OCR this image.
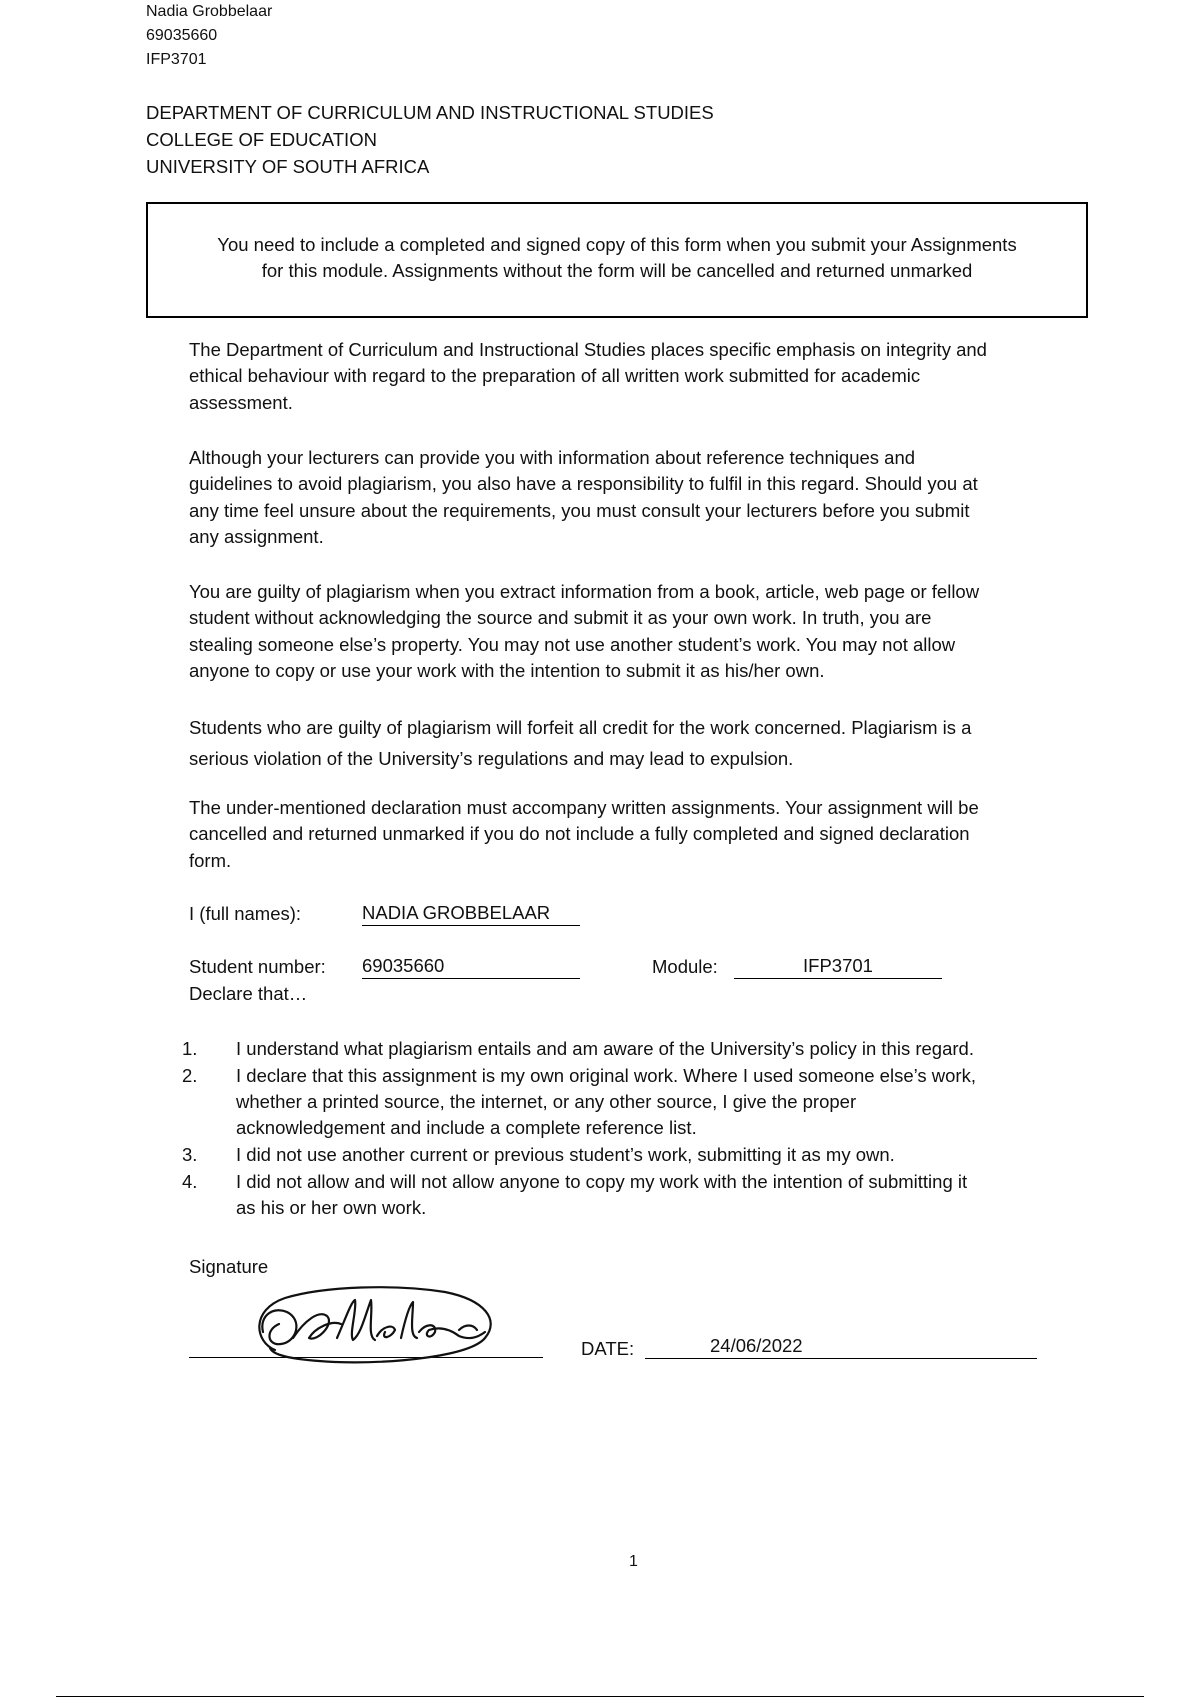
Nadia Grobbelaar
69035660
IFP3701
DEPARTMENT OF CURRICULUM AND INSTRUCTIONAL STUDIES
COLLEGE OF EDUCATION
UNIVERSITY OF SOUTH AFRICA
You need to include a completed and signed copy of this form when you submit your Assignments
for this module. Assignments without the form will be cancelled and returned unmarked
The Department of Curriculum and Instructional Studies places specific emphasis on integrity and
ethical behaviour with regard to the preparation of all written work submitted for academic
assessment.
Although your lecturers can provide you with information about reference techniques and
guidelines to avoid plagiarism, you also have a responsibility to fulfil in this regard. Should you at
any time feel unsure about the requirements, you must consult your lecturers before you submit
any assignment.
You are guilty of plagiarism when you extract information from a book, article, web page or fellow
student without acknowledging the source and submit it as your own work. In truth, you are
stealing someone else’s property. You may not use another student’s work. You may not allow
anyone to copy or use your work with the intention to submit it as his/her own.
Students who are guilty of plagiarism will forfeit all credit for the work concerned. Plagiarism is a
serious violation of the University’s regulations and may lead to expulsion.
The under-mentioned declaration must accompany written assignments. Your assignment will be
cancelled and returned unmarked if you do not include a fully completed and signed declaration
form.
I (full names):	NADIA GROBBELAAR
Student number: 69035660	Module:	IFP3701
Declare that…
1. I understand what plagiarism entails and am aware of the University’s policy in this regard.
2. I declare that this assignment is my own original work. Where I used someone else’s work,
whether a printed source, the internet, or any other source, I give the proper
acknowledgement and include a complete reference list.
3. I did not use another current or previous student’s work, submitting it as my own.
4. I did not allow and will not allow anyone to copy my work with the intention of submitting it
as his or her own work.
Signature
DATE:	24/06/2022
1
